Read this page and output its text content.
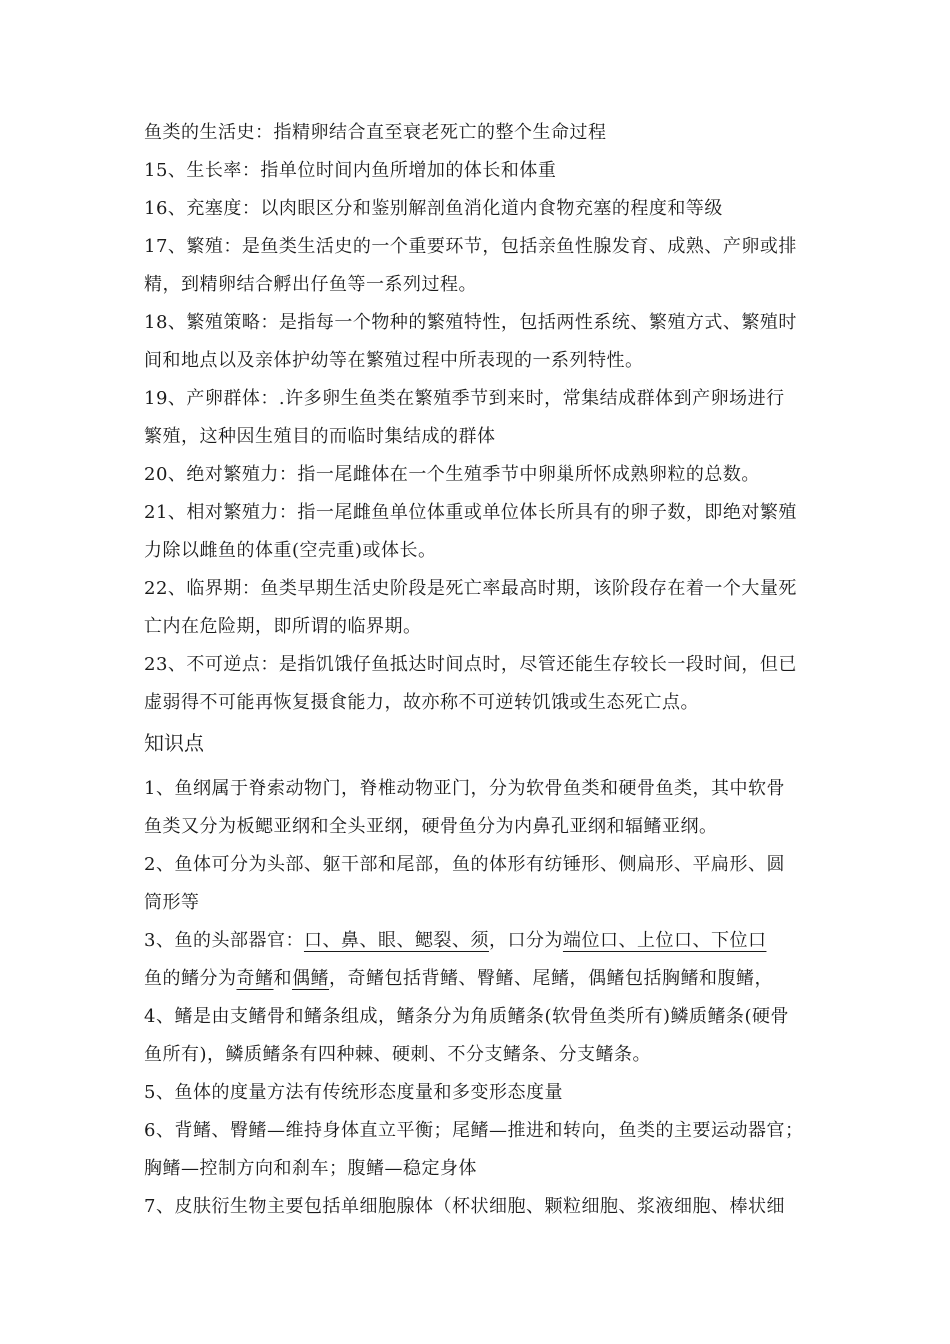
鱼类的生活史：指精卵结合直至衰老死亡的整个生命过程
15、生长率：指单位时间内鱼所增加的体长和体重
16、充塞度：以肉眼区分和鉴别解剖鱼消化道内食物充塞的程度和等级
17、繁殖：是鱼类生活史的一个重要环节，包括亲鱼性腺发育、成熟、产卵或排
精，到精卵结合孵出仔鱼等一系列过程。
18、繁殖策略：是指每一个物种的繁殖特性，包括两性系统、繁殖方式、繁殖时
间和地点以及亲体护幼等在繁殖过程中所表现的一系列特性。
19、产卵群体：.许多卵生鱼类在繁殖季节到来时，常集结成群体到产卵场进行
繁殖，这种因生殖目的而临时集结成的群体
20、绝对繁殖力：指一尾雌体在一个生殖季节中卵巢所怀成熟卵粒的总数。
21、相对繁殖力：指一尾雌鱼单位体重或单位体长所具有的卵子数，即绝对繁殖
力除以雌鱼的体重(空壳重)或体长。
22、临界期：鱼类早期生活史阶段是死亡率最高时期，该阶段存在着一个大量死
亡内在危险期，即所谓的临界期。
23、不可逆点：是指饥饿仔鱼抵达时间点时，尽管还能生存较长一段时间，但已
虚弱得不可能再恢复摄食能力，故亦称不可逆转饥饿或生态死亡点。
知识点
1、鱼纲属于脊索动物门，脊椎动物亚门，分为软骨鱼类和硬骨鱼类，其中软骨
鱼类又分为板鳃亚纲和全头亚纲，硬骨鱼分为内鼻孔亚纲和辐鳍亚纲。
2、鱼体可分为头部、躯干部和尾部，鱼的体形有纺锤形、侧扁形、平扁形、圆
筒形等
3、鱼的头部器官：口、鼻、眼、鳃裂、须，口分为端位口、上位口、下位口
鱼的鳍分为奇鳍和偶鳍，奇鳍包括背鳍、臀鳍、尾鳍，偶鳍包括胸鳍和腹鳍，
4、鳍是由支鳍骨和鳍条组成，鳍条分为角质鳍条(软骨鱼类所有)鳞质鳍条(硬骨
鱼所有)，鳞质鳍条有四种棘、硬刺、不分支鳍条、分支鳍条。
5、鱼体的度量方法有传统形态度量和多变形态度量
6、背鳍、臀鳍—维持身体直立平衡；尾鳍—推进和转向，鱼类的主要运动器官；
胸鳍—控制方向和刹车；腹鳍—稳定身体
7、皮肤衍生物主要包括单细胞腺体（杯状细胞、颗粒细胞、浆液细胞、棒状细
